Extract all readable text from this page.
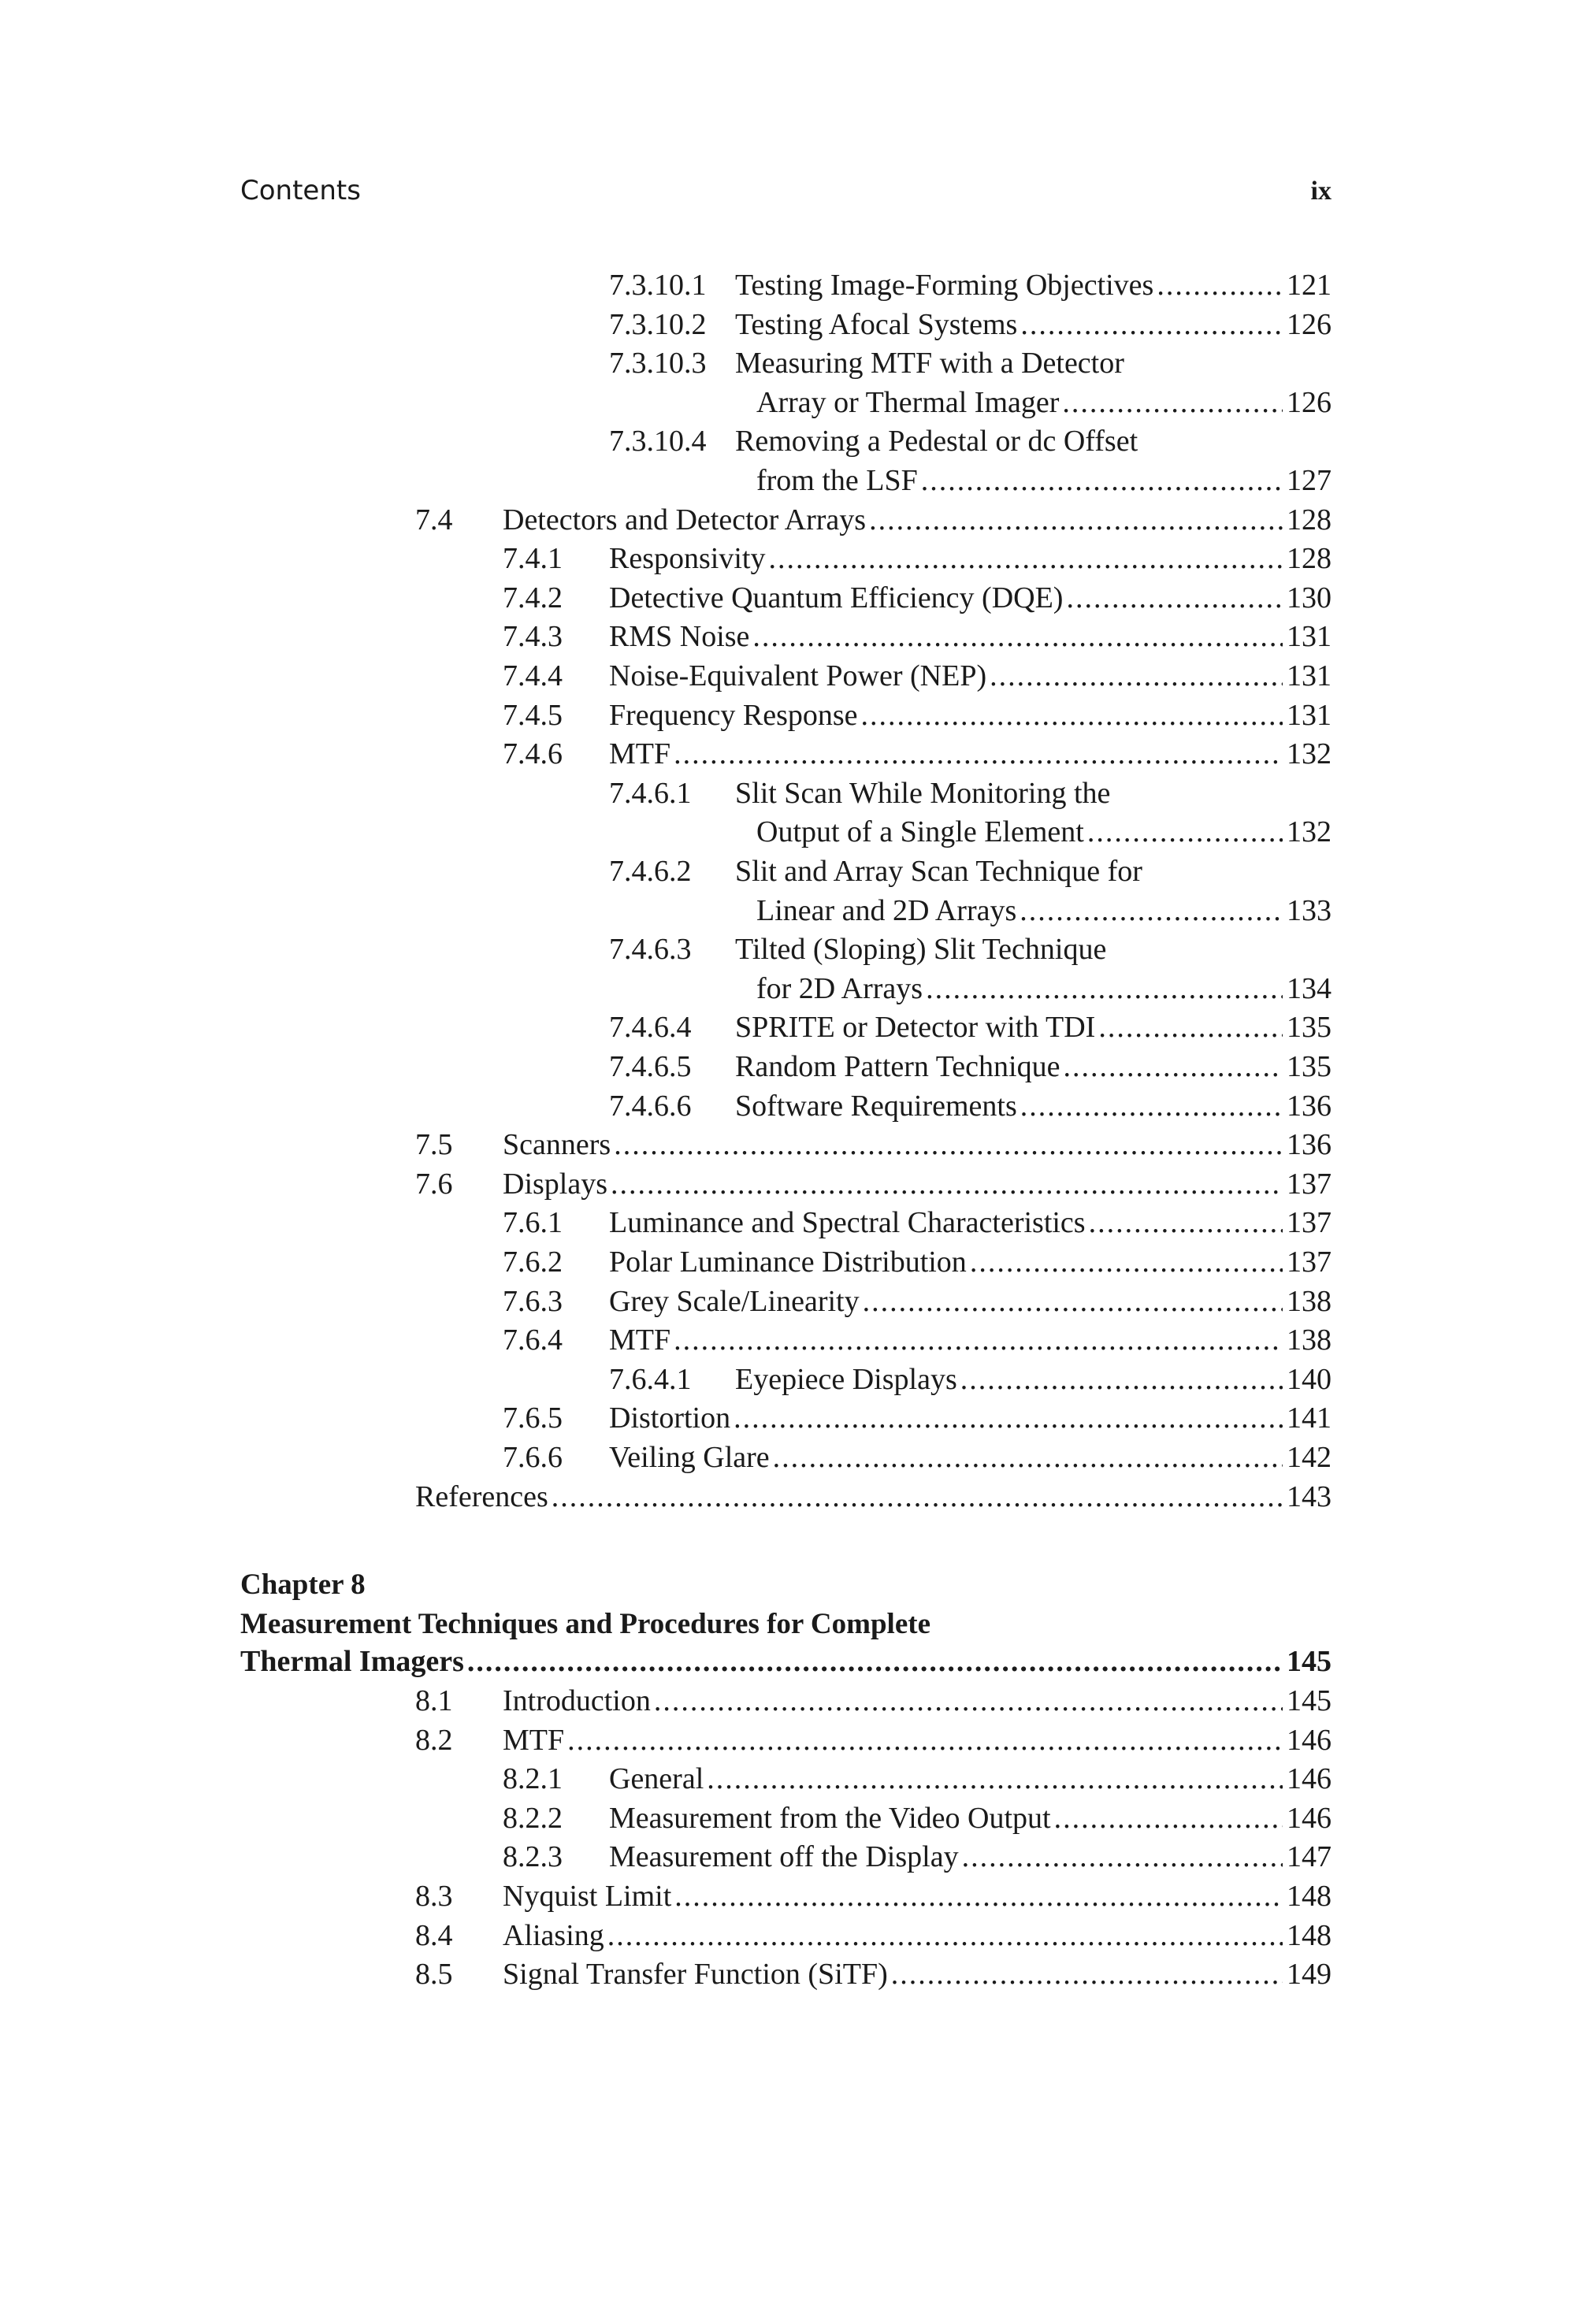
Contents	ix
7.3.10.1 Testing Image-Forming Objectives .....	121
7.3.10.2 Testing Afocal Systems .....	126
7.3.10.3 Measuring MTF with a Detector
Array or Thermal Imager .....	126
7.3.10.4 Removing a Pedestal or dc Offset
from the LSF .....	127
7.4 Detectors and Detector Arrays .....	128
7.4.1 Responsivity .....	128
7.4.2 Detective Quantum Efficiency (DQE) .....	130
7.4.3 RMS Noise .....	131
7.4.4 Noise-Equivalent Power (NEP) .....	131
7.4.5 Frequency Response .....	131
7.4.6 MTF .....	132
7.4.6.1 Slit Scan While Monitoring the
Output of a Single Element .....	132
7.4.6.2 Slit and Array Scan Technique for
Linear and 2D Arrays .....	133
7.4.6.3 Tilted (Sloping) Slit Technique
for 2D Arrays .....	134
7.4.6.4 SPRITE or Detector with TDI .....	135
7.4.6.5 Random Pattern Technique .....	135
7.4.6.6 Software Requirements .....	136
7.5 Scanners .....	136
7.6 Displays .....	137
7.6.1 Luminance and Spectral Characteristics .....	137
7.6.2 Polar Luminance Distribution .....	137
7.6.3 Grey Scale/Linearity .....	138
7.6.4 MTF .....	138
7.6.4.1 Eyepiece Displays .....	140
7.6.5 Distortion .....	141
7.6.6 Veiling Glare .....	142
References .....	143
Chapter 8
Measurement Techniques and Procedures for Complete
Thermal Imagers .....	145
8.1 Introduction .....	145
8.2 MTF .....	146
8.2.1 General .....	146
8.2.2 Measurement from the Video Output .....	146
8.2.3 Measurement off the Display .....	147
8.3 Nyquist Limit .....	148
8.4 Aliasing .....	148
8.5 Signal Transfer Function (SiTF) .....	149
